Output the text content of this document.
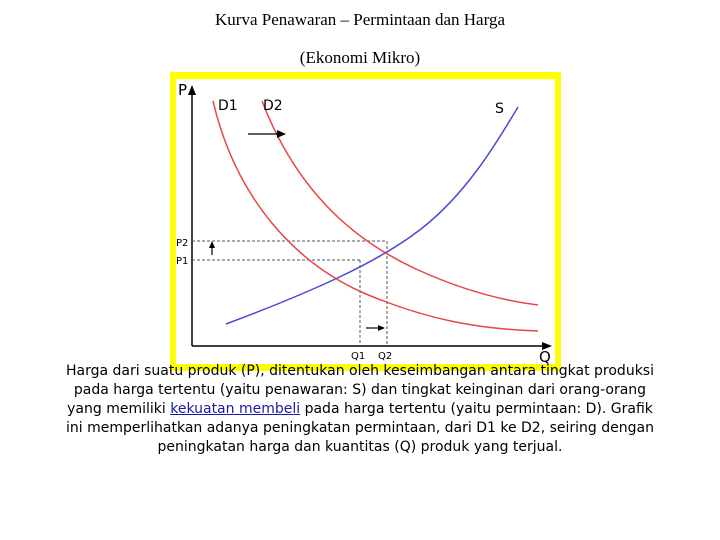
Kurva Penawaran – Permintaan dan Harga
(Ekonomi Mikro)
P
Q
D1 D2	S
P2
P1
Q1 Q2
Harga dari suatu produk (P), ditentukan oleh keseimbangan antara tingkat produksi pada harga tertentu (yaitu penawaran: S) dan tingkat keinginan dari orang-orang yang memiliki kekuatan membeli pada harga tertentu (yaitu permintaan: D). Grafik ini memperlihatkan adanya peningkatan permintaan, dari D1 ke D2, seiring dengan peningkatan harga dan kuantitas (Q) produk yang terjual.
